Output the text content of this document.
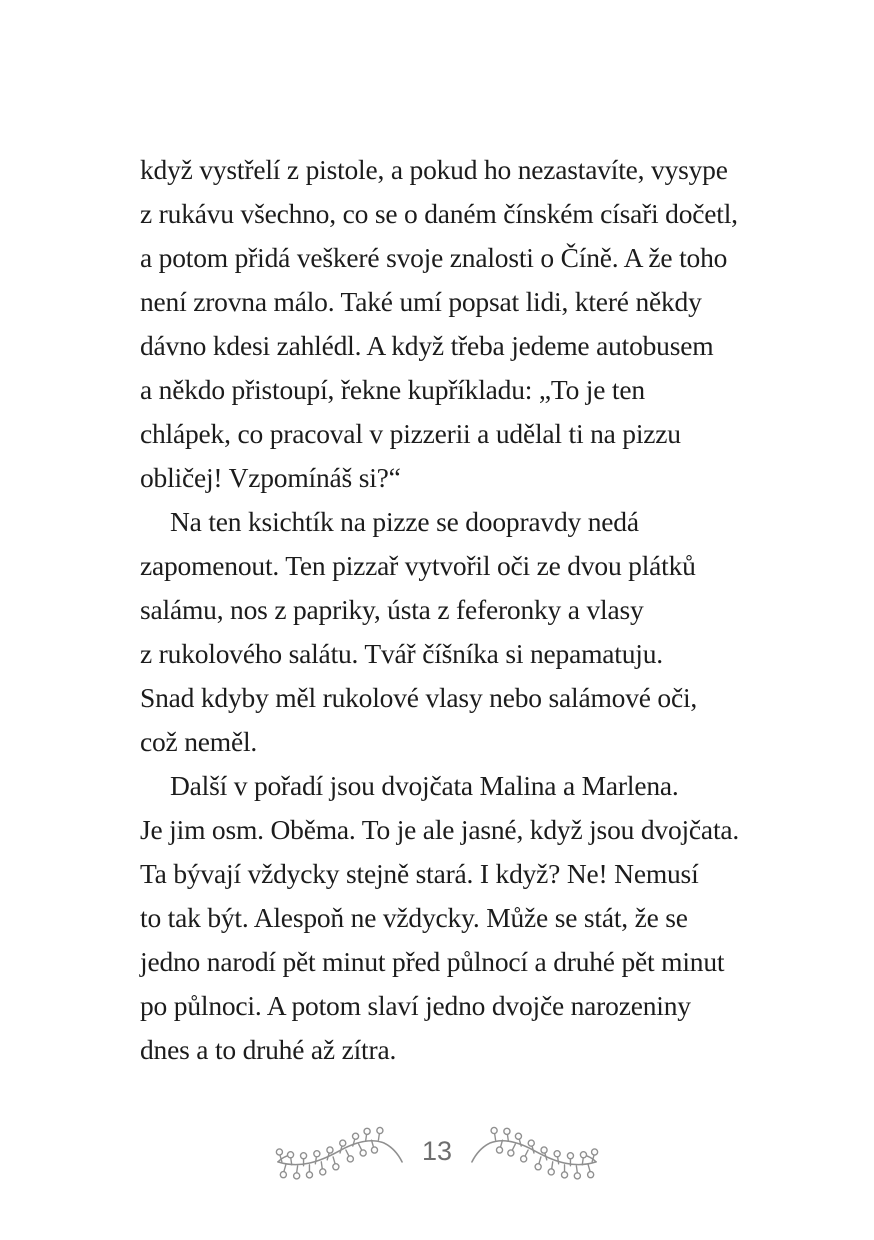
když vystřelí z pistole, a pokud ho nezastavíte, vysype
z rukávu všechno, co se o daném čínském císaři dočetl,
a potom přidá veškeré svoje znalosti o Číně. A že toho
není zrovna málo. Také umí popsat lidi, které někdy
dávno kdesi zahlédl. A když třeba jedeme autobusem
a někdo přistoupí, řekne kupříkladu: „To je ten
chlápek, co pracoval v pizzerii a udělal ti na pizzu
obličej! Vzpomínáš si?“
Na ten ksichtík na pizze se doopravdy nedá
zapomenout. Ten pizzař vytvořil oči ze dvou plátků
salámu, nos z papriky, ústa z feferonky a vlasy
z rukolového salátu. Tvář číšníka si nepamatuju.
Snad kdyby měl rukolové vlasy nebo salámové oči,
což neměl.
Další v pořadí jsou dvojčata Malina a Marlena.
Je jim osm. Oběma. To je ale jasné, když jsou dvojčata.
Ta bývají vždycky stejně stará. I když? Ne! Nemusí
to tak být. Alespoň ne vždycky. Může se stát, že se
jedno narodí pět minut před půlnocí a druhé pět minut
po půlnoci. A potom slaví jedno dvojče narozeniny
dnes a to druhé až zítra.
13
